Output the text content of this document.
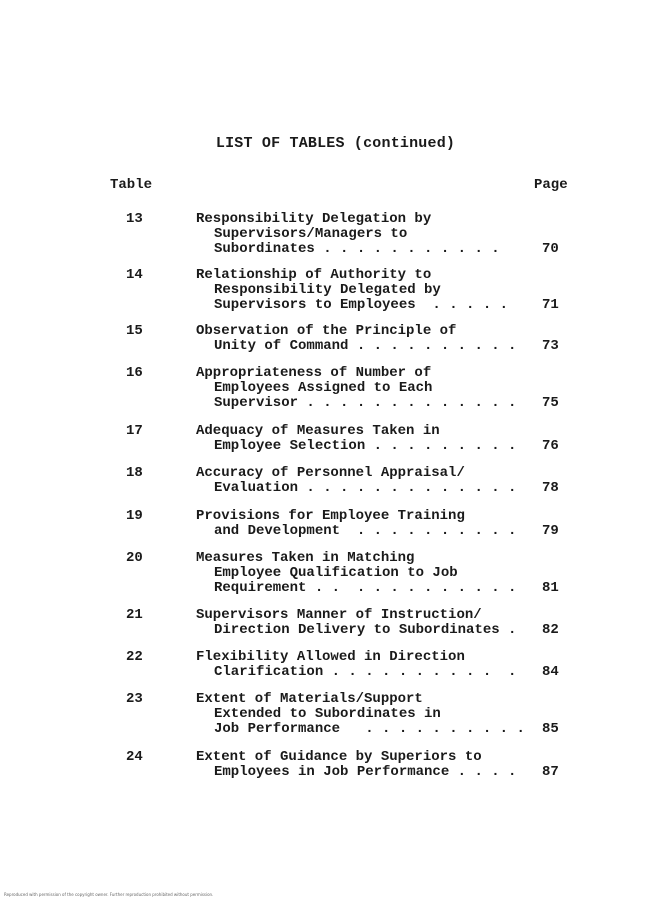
LIST OF TABLES (continued)
Table	Page
13	Responsibility Delegation by
Supervisors/Managers to
Subordinates . . . . . . . . . . .	70
14	Relationship of Authority to
Responsibility Delegated by
Supervisors to Employees  . . . . .	71
15	Observation of the Principle of
Unity of Command . . . . . . . . . .	73
16	Appropriateness of Number of
Employees Assigned to Each
Supervisor . . . . . . . . . . . . .	75
17	Adequacy of Measures Taken in
Employee Selection . . . . . . . . .	76
18	Accuracy of Personnel Appraisal/
Evaluation . . . . . . . . . . . . .	78
19	Provisions for Employee Training
and Development  . . . . . . . . . .	79
20	Measures Taken in Matching
Employee Qualification to Job
Requirement . .  . . . . . . . . . .	81
21	Supervisors Manner of Instruction/
Direction Delivery to Subordinates .	82
22	Flexibility Allowed in Direction
Clarification . . . . . . . . . .  .	84
23	Extent of Materials/Support
Extended to Subordinates in
Job Performance   . . . . . . . . . . 85
24	Extent of Guidance by Superiors to
Employees in Job Performance . . . .	87
Reproduced with permission of the copyright owner. Further reproduction prohibited without permission.
